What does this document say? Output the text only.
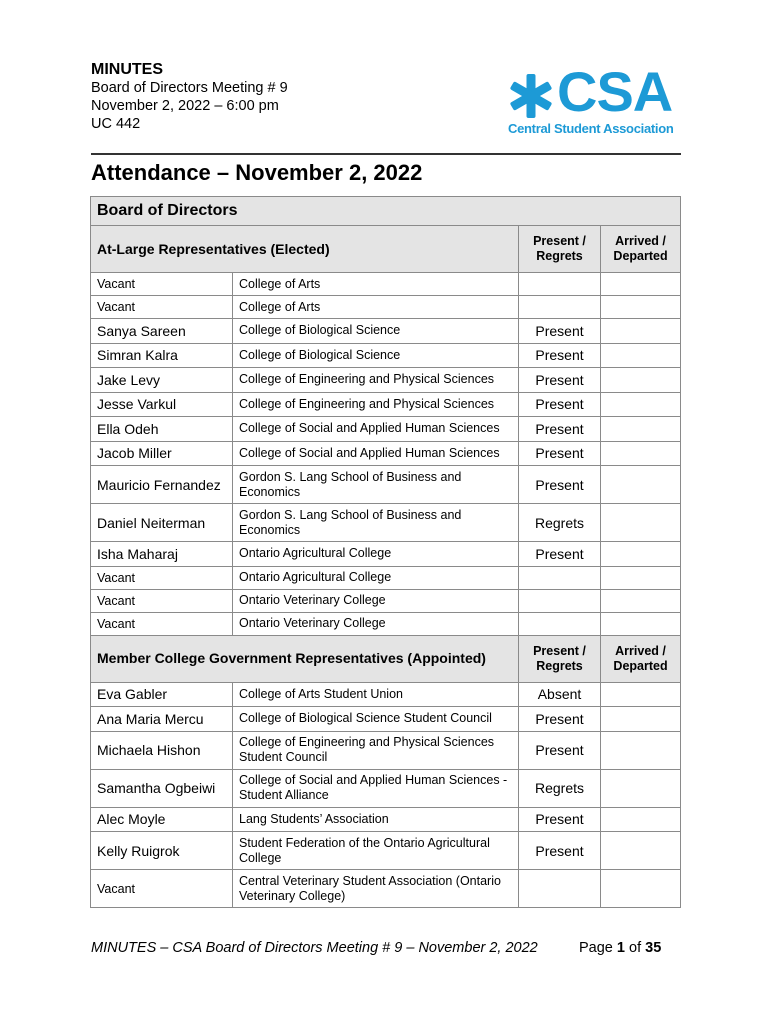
MINUTES
Board of Directors Meeting # 9
November 2, 2022 – 6:00 pm
UC 442
CSA
Central Student Association
Attendance – November 2, 2022
Board of Directors			
At-Large Representatives (Elected)		Present / Regrets	Arrived / Departed
Vacant	College of Arts		
Vacant	College of Arts		
Sanya Sareen	College of Biological Science	Present	
Simran Kalra	College of Biological Science	Present	
Jake Levy	College of Engineering and Physical Sciences	Present	
Jesse Varkul	College of Engineering and Physical Sciences	Present	
Ella Odeh	College of Social and Applied Human Sciences	Present	
Jacob Miller	College of Social and Applied Human Sciences	Present	
Mauricio Fernandez	Gordon S. Lang School of Business and Economics	Present	
Daniel Neiterman	Gordon S. Lang School of Business and Economics	Regrets	
Isha Maharaj	Ontario Agricultural College	Present	
Vacant	Ontario Agricultural College		
Vacant	Ontario Veterinary College		
Vacant	Ontario Veterinary College		
Member College Government Representatives (Appointed)		Present / Regrets	Arrived / Departed
Eva Gabler	College of Arts Student Union	Absent	
Ana Maria Mercu	College of Biological Science Student Council	Present	
Michaela Hishon	College of Engineering and Physical Sciences Student Council	Present	
Samantha Ogbeiwi	College of Social and Applied Human Sciences - Student Alliance	Regrets	
Alec Moyle	Lang Students’ Association	Present	
Kelly Ruigrok	Student Federation of the Ontario Agricultural College	Present	
Vacant	Central Veterinary Student Association (Ontario Veterinary College)		
MINUTES – CSA Board of Directors Meeting # 9 – November 2, 2022	Page 1 of 35
